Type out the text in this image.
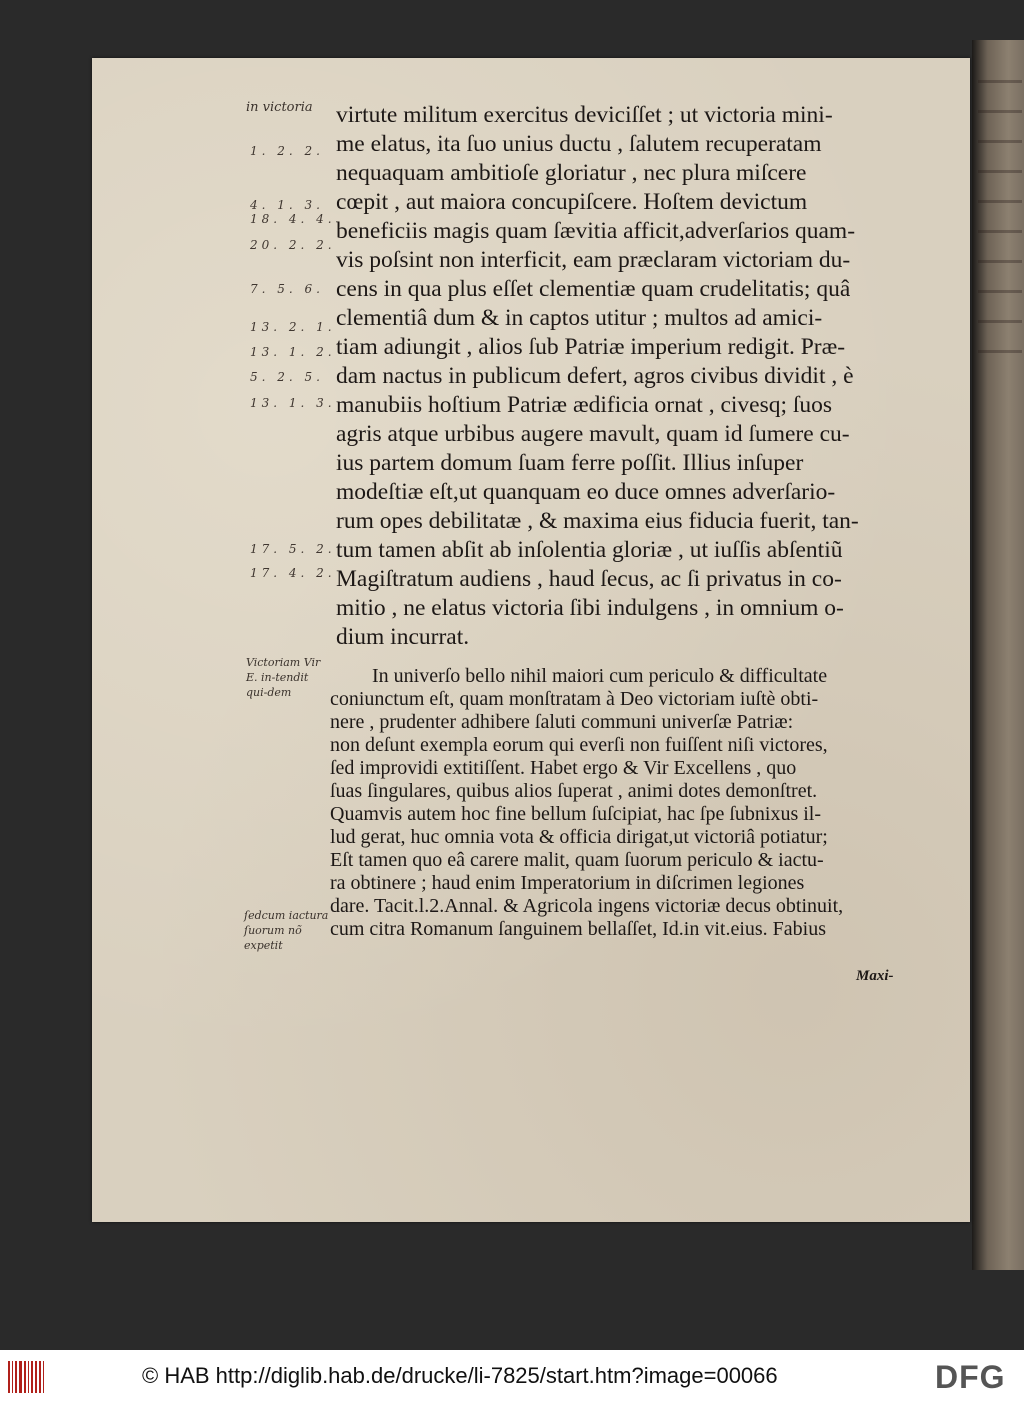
in victoria
Victoriam Vir E. in-tendit qui-dem
ſedcum iactura ſuorum nõ expetit
1. 2. 2.
4. 1. 3.
18. 4. 4.
20. 2. 2.
7. 5. 6.
13. 2. 1.
13. 1. 2.
5. 2. 5.
13. 1. 3.
17. 5. 2.
17. 4. 2.
virtute militum exercitus deviciſſet ; ut victoria mini-
me elatus, ita ſuo unius ductu , ſalutem recuperatam
nequaquam ambitioſe gloriatur , nec plura miſcere
cœpit , aut maiora concupiſcere. Hoſtem devictum
beneficiis magis quam ſævitia afficit,adverſarios quam-
vis poſsint non interficit, eam præclaram victoriam du-
cens in qua plus eſſet clementiæ quam crudelitatis; quâ
clementiâ dum & in captos utitur ; multos ad amici-
tiam adiungit , alios ſub Patriæ imperium redigit. Præ-
dam nactus in publicum defert, agros civibus dividit , è
manubiis hoſtium Patriæ ædificia ornat , civesq; ſuos
agris atque urbibus augere mavult, quam id ſumere cu-
ius partem domum ſuam ferre poſſit. Illius inſuper
modeſtiæ eſt,ut quanquam eo duce omnes adverſario-
rum opes debilitatæ , & maxima eius fiducia fuerit, tan-
tum tamen abſit ab inſolentia gloriæ , ut iuſſis abſentiũ
Magiſtratum audiens , haud ſecus, ac ſi privatus in co-
mitio , ne elatus victoria ſibi indulgens , in omnium o-
dium incurrat.
In univerſo bello nihil maiori cum periculo & difficultate
coniunctum eſt, quam monſtratam à Deo victoriam iuſtè obti-
nere , prudenter adhibere ſaluti communi univerſæ Patriæ:
non deſunt exempla eorum qui everſi non fuiſſent niſi victores,
ſed improvidi extitiſſent. Habet ergo & Vir Excellens , quo
ſuas ſingulares, quibus alios ſuperat , animi dotes demonſtret.
Quamvis autem hoc fine bellum ſuſcipiat, hac ſpe ſubnixus il-
lud gerat, huc omnia vota & officia dirigat,ut victoriâ potiatur;
Eſt tamen quo eâ carere malit, quam ſuorum periculo & iactu-
ra obtinere ; haud enim Imperatorium in diſcrimen legiones
dare. Tacit.l.2.Annal. & Agricola ingens victoriæ decus obtinuit,
cum citra Romanum ſanguinem bellaſſet, Id.in vit.eius. Fabius
Maxi-
© HAB http://diglib.hab.de/drucke/li-7825/start.htm?image=00066	DFG
